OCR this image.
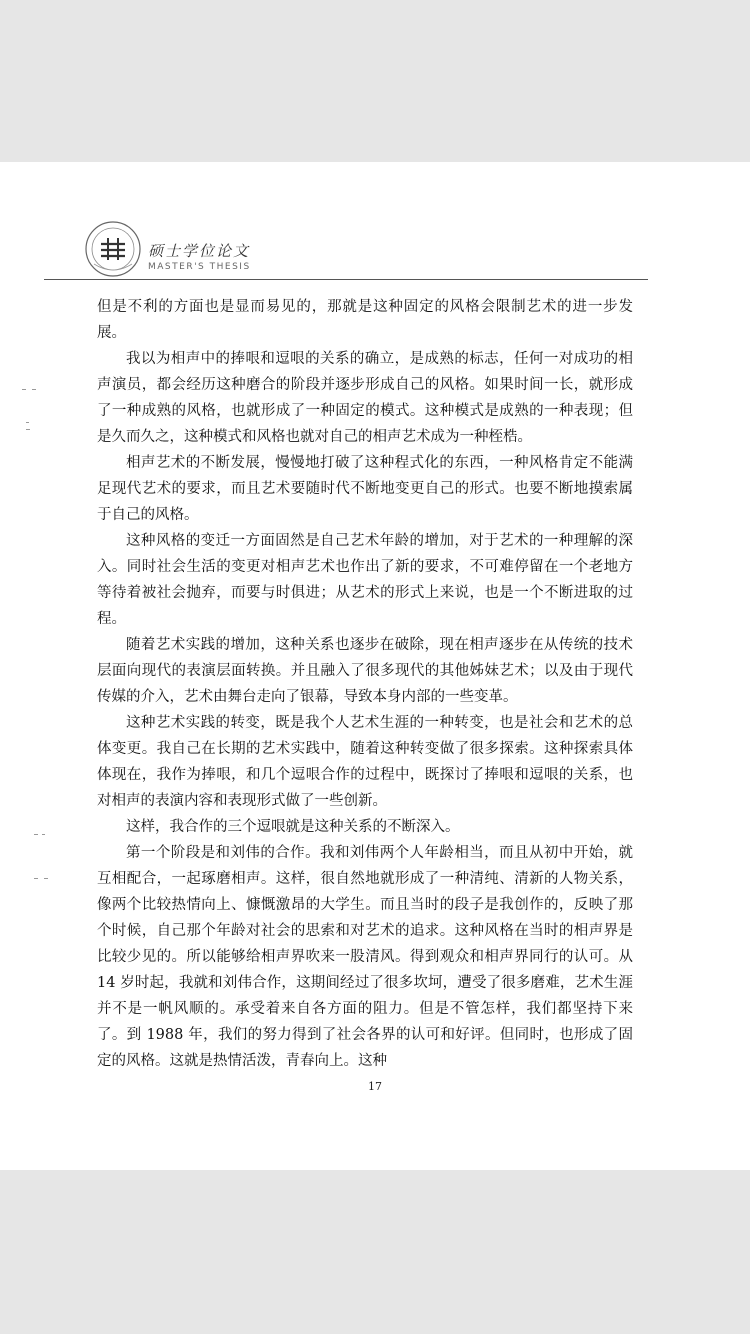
硕士学位论文
MASTER'S THESIS

但是不利的方面也是显而易见的，那就是这种固定的风格会限制艺术的进一步发展。

我以为相声中的捧哏和逗哏的关系的确立，是成熟的标志，任何一对成功的相声演员，都会经历这种磨合的阶段并逐步形成自己的风格。如果时间一长，就形成了一种成熟的风格，也就形成了一种固定的模式。这种模式是成熟的一种表现；但是久而久之，这种模式和风格也就对自己的相声艺术成为一种桎梏。

相声艺术的不断发展，慢慢地打破了这种程式化的东西，一种风格肯定不能满足现代艺术的要求，而且艺术要随时代不断地变更自己的形式。也要不断地摸索属于自己的风格。

这种风格的变迁一方面固然是自己艺术年龄的增加，对于艺术的一种理解的深入。同时社会生活的变更对相声艺术也作出了新的要求，不可难停留在一个老地方等待着被社会抛弃，而要与时俱进；从艺术的形式上来说，也是一个不断进取的过程。

随着艺术实践的增加，这种关系也逐步在破除，现在相声逐步在从传统的技术层面向现代的表演层面转换。并且融入了很多现代的其他姊妹艺术；以及由于现代传媒的介入，艺术由舞台走向了银幕，导致本身内部的一些变革。

这种艺术实践的转变，既是我个人艺术生涯的一种转变，也是社会和艺术的总体变更。我自己在长期的艺术实践中，随着这种转变做了很多探索。这种探索具体体现在，我作为捧哏，和几个逗哏合作的过程中，既探讨了捧哏和逗哏的关系，也对相声的表演内容和表现形式做了一些创新。

这样，我合作的三个逗哏就是这种关系的不断深入。

第一个阶段是和刘伟的合作。我和刘伟两个人年龄相当，而且从初中开始，就互相配合，一起琢磨相声。这样，很自然地就形成了一种清纯、清新的人物关系，像两个比较热情向上、慷慨激昂的大学生。而且当时的段子是我创作的，反映了那个时候，自己那个年龄对社会的思索和对艺术的追求。这种风格在当时的相声界是比较少见的。所以能够给相声界吹来一股清风。得到观众和相声界同行的认可。从 14 岁时起，我就和刘伟合作，这期间经过了很多坎坷，遭受了很多磨难，艺术生涯并不是一帆风顺的。承受着来自各方面的阻力。但是不管怎样，我们都坚持下来了。到 1988 年，我们的努力得到了社会各界的认可和好评。但同时，也形成了固定的风格。这就是热情活泼，青春向上。这种

17
